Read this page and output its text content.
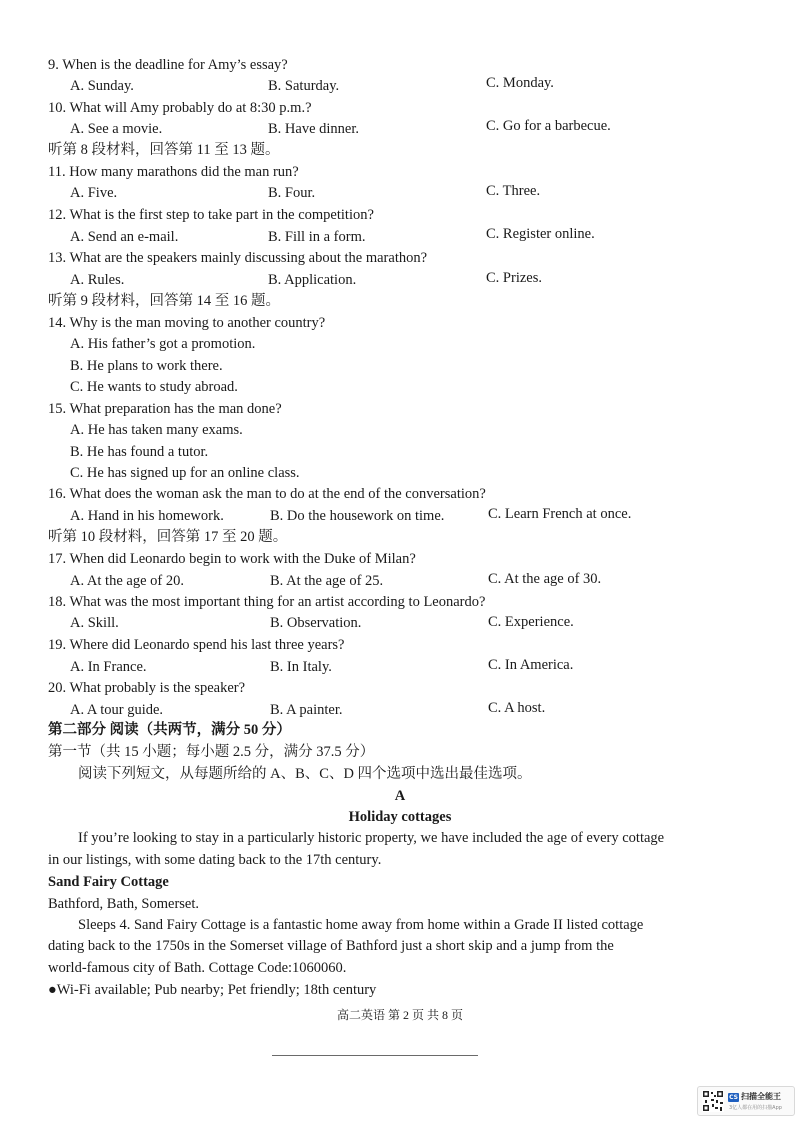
9. When is the deadline for Amy’s essay?
A. Sunday.	B. Saturday.	C. Monday.
10. What will Amy probably do at 8:30 p.m.?
A. See a movie.	B. Have dinner.	C. Go for a barbecue.
听第 8 段材料，回答第 11 至 13 题。
11. How many marathons did the man run?
A. Five.	B. Four.	C. Three.
12. What is the first step to take part in the competition?
A. Send an e-mail.	B. Fill in a form.	C. Register online.
13. What are the speakers mainly discussing about the marathon?
A. Rules.	B. Application.	C. Prizes.
听第 9 段材料，回答第 14 至 16 题。
14. Why is the man moving to another country?
A. His father’s got a promotion.
B. He plans to work there.
C. He wants to study abroad.
15. What preparation has the man done?
A. He has taken many exams.
B. He has found a tutor.
C. He has signed up for an online class.
16. What does the woman ask the man to do at the end of the conversation?
A. Hand in his homework.	B. Do the housework on time.	C. Learn French at once.
听第 10 段材料，回答第 17 至 20 题。
17. When did Leonardo begin to work with the Duke of Milan?
A. At the age of 20.	B. At the age of 25.	C. At the age of 30.
18. What was the most important thing for an artist according to Leonardo?
A. Skill.	B. Observation.	C. Experience.
19. Where did Leonardo spend his last three years?
A. In France.	B. In Italy.	C. In America.
20. What probably is the speaker?
A. A tour guide.	B. A painter.	C. A host.
第二部分 阅读（共两节，满分 50 分）
第一节（共 15 小题；每小题 2.5 分，满分 37.5 分）
阅读下列短文，从每题所给的 A、B、C、D 四个选项中选出最佳选项。
A
Holiday cottages
If you’re looking to stay in a particularly historic property, we have included the age of every cottage
in our listings, with some dating back to the 17th century.
Sand Fairy Cottage
Bathford, Bath, Somerset.
Sleeps 4. Sand Fairy Cottage is a fantastic home away from home within a Grade II listed cottage
dating back to the 1750s in the Somerset village of Bathford just a short skip and a jump from the
world-famous city of Bath. Cottage Code:1060060.
●Wi-Fi available; Pub nearby; Pet friendly; 18th century
高二英语 第 2 页 共 8 页
CS 扫描全能王
3亿人都在用的扫描App
